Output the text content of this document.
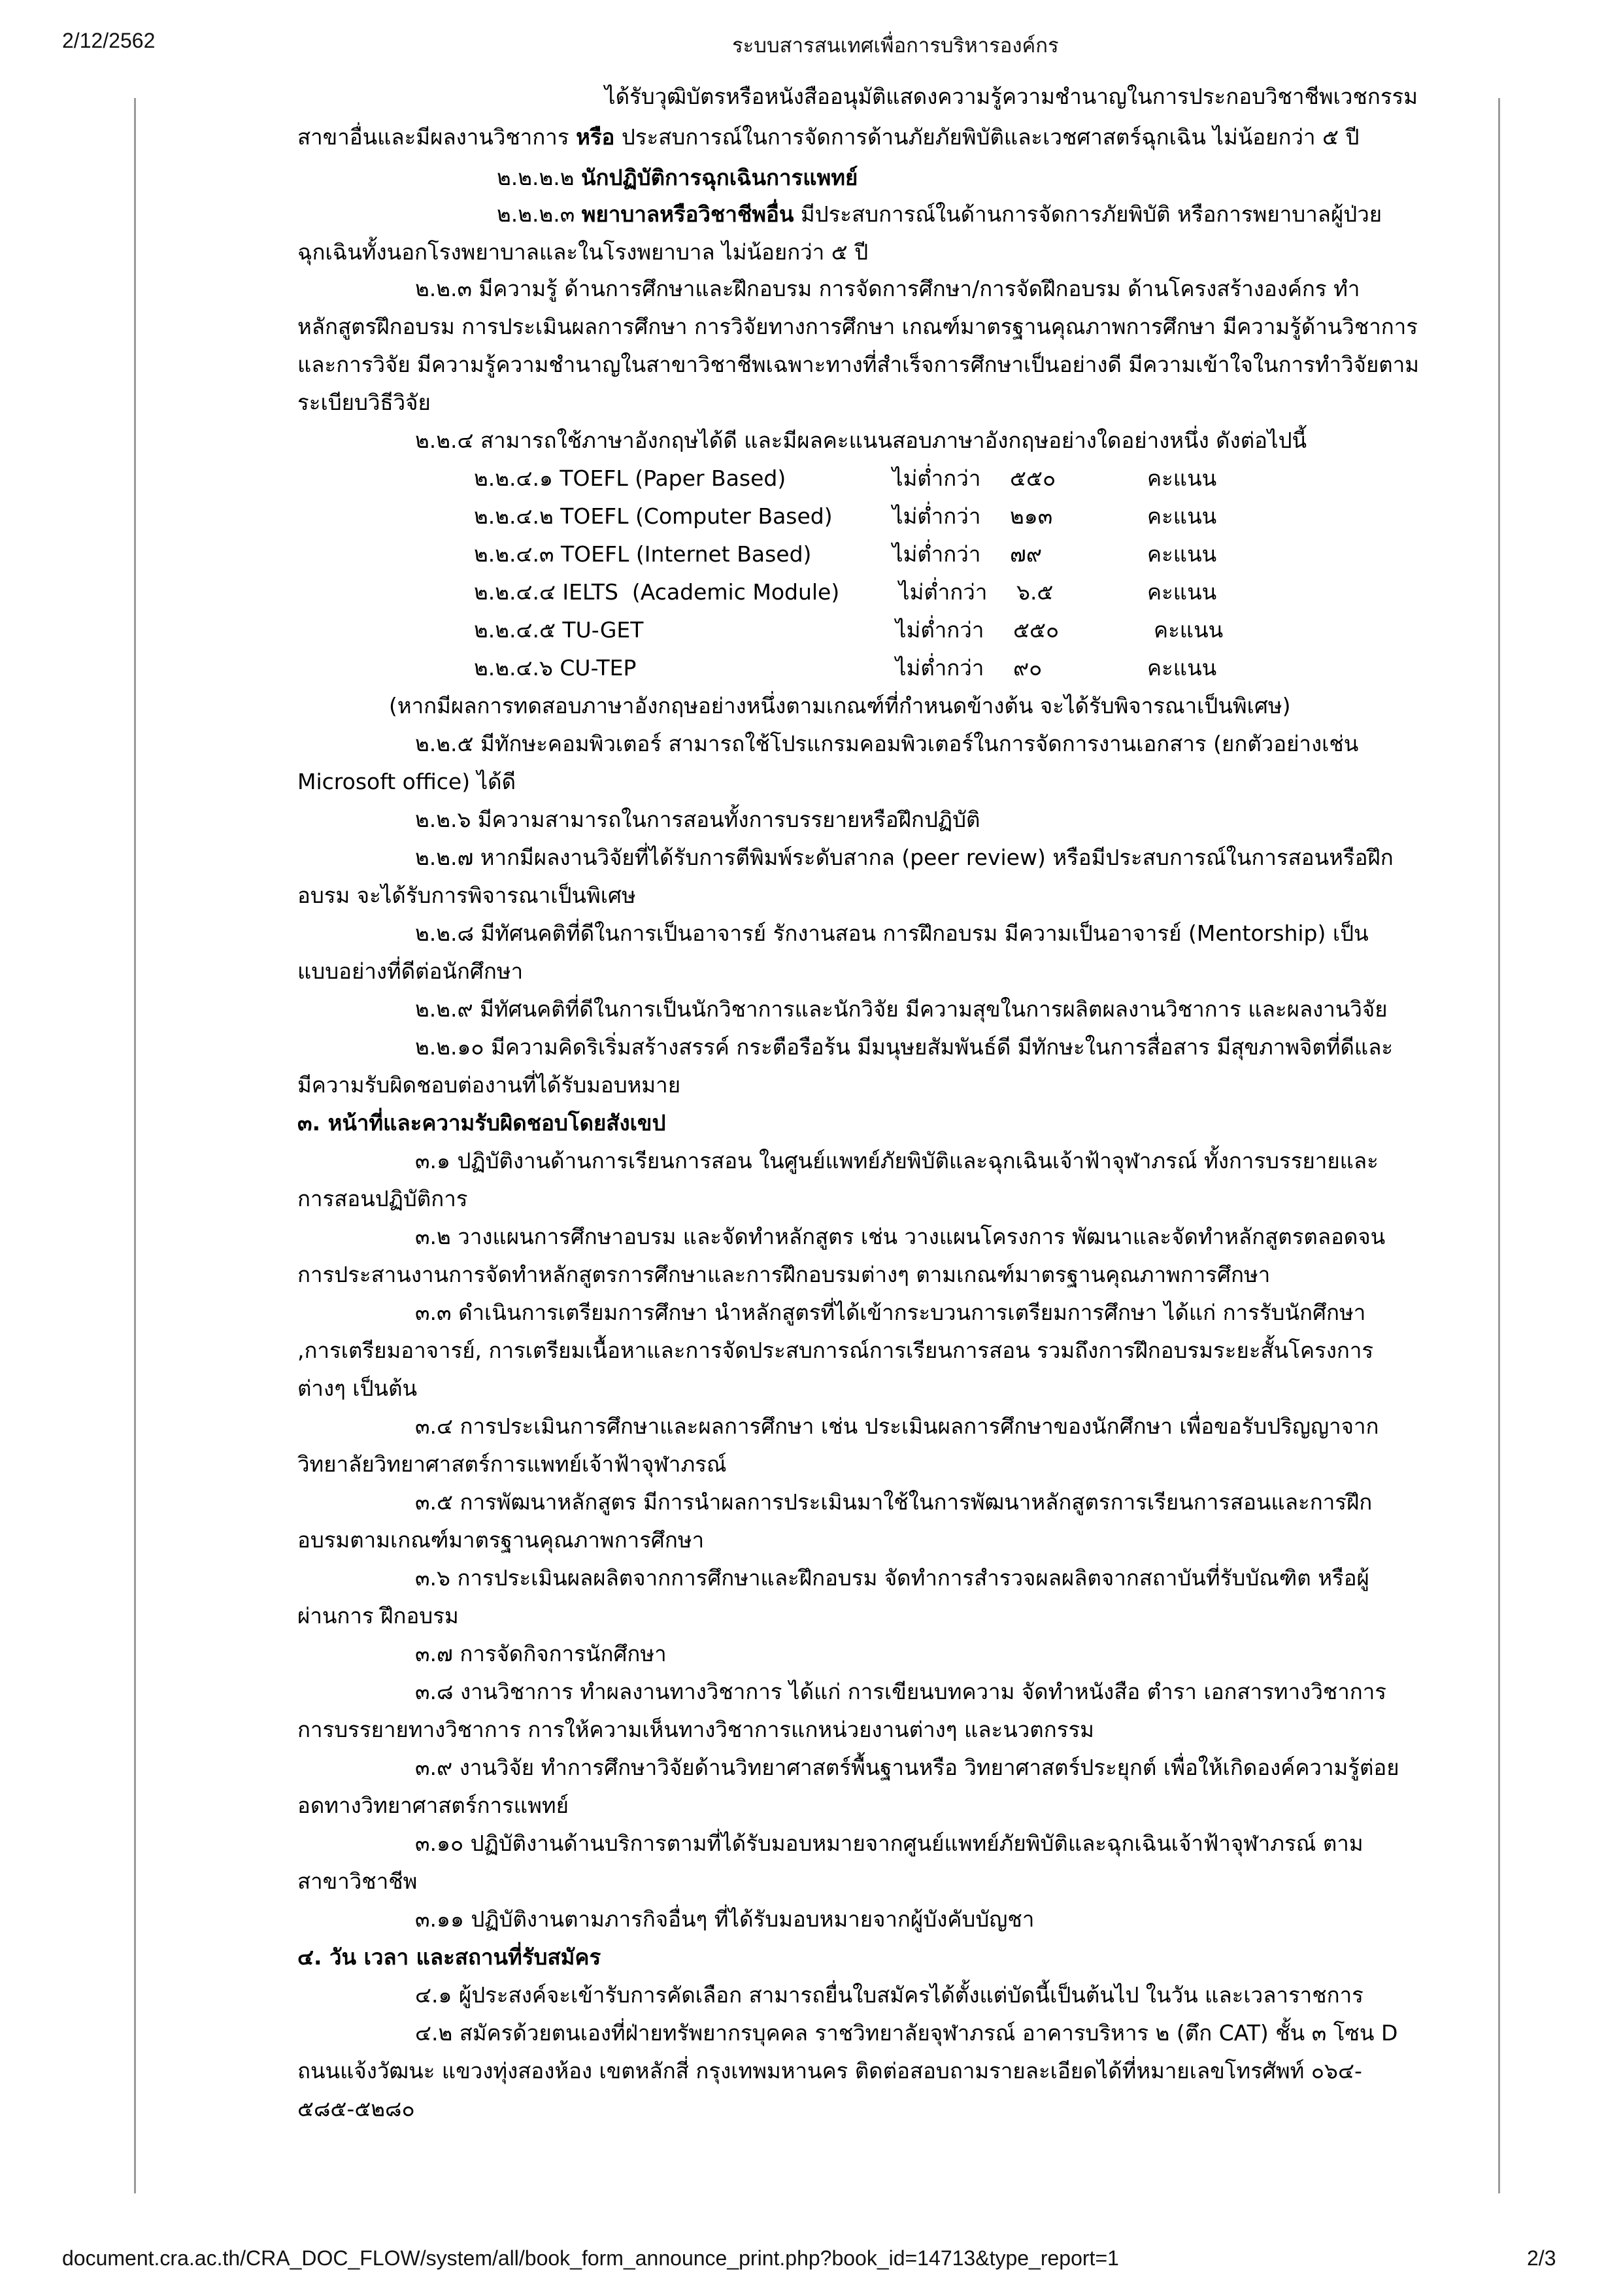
2/12/2562	ระบบสารสนเทศเพื่อการบริหารองค์กร
ได้รับวุฒิบัตรหรือหนังสืออนุมัติแสดงความรู้ความชำนาญในการประกอบวิชาชีพเวชกรรม
สาขาอื่นและมีผลงานวิชาการ หรือ ประสบการณ์ในการจัดการด้านภัยภัยพิบัติและเวชศาสตร์ฉุกเฉิน ไม่น้อยกว่า ๕ ปี
๒.๒.๒.๒ นักปฏิบัติการฉุกเฉินการแพทย์
๒.๒.๒.๓ พยาบาลหรือวิชาชีพอื่น มีประสบการณ์ในด้านการจัดการภัยพิบัติ หรือการพยาบาลผู้ป่วย
ฉุกเฉินทั้งนอกโรงพยาบาลและในโรงพยาบาล ไม่น้อยกว่า ๕ ปี
๒.๒.๓ มีความรู้ ด้านการศึกษาและฝึกอบรม การจัดการศึกษา/การจัดฝึกอบรม ด้านโครงสร้างองค์กร ทำ
หลักสูตรฝึกอบรม การประเมินผลการศึกษา การวิจัยทางการศึกษา เกณฑ์มาตรฐานคุณภาพการศึกษา มีความรู้ด้านวิชาการ
และการวิจัย มีความรู้ความชำนาญในสาขาวิชาชีพเฉพาะทางที่สำเร็จการศึกษาเป็นอย่างดี มีความเข้าใจในการทำวิจัยตาม
ระเบียบวิธีวิจัย
๒.๒.๔ สามารถใช้ภาษาอังกฤษได้ดี และมีผลคะแนนสอบภาษาอังกฤษอย่างใดอย่างหนึ่ง ดังต่อไปนี้
๒.๒.๔.๑ TOEFL (Paper Based)	ไม่ต่ำกว่า ๕๕๐	คะแนน
๒.๒.๔.๒ TOEFL (Computer Based)	ไม่ต่ำกว่า ๒๑๓	คะแนน
๒.๒.๔.๓ TOEFL (Internet Based)	ไม่ต่ำกว่า ๗๙	คะแนน
๒.๒.๔.๔ IELTS  (Academic Module)	ไม่ต่ำกว่า ๖.๕	คะแนน
๒.๒.๔.๕ TU-GET	ไม่ต่ำกว่า ๕๕๐	คะแนน
๒.๒.๔.๖ CU-TEP	ไม่ต่ำกว่า ๙๐	คะแนน
(หากมีผลการทดสอบภาษาอังกฤษอย่างหนึ่งตามเกณฑ์ที่กำหนดข้างต้น จะได้รับพิจารณาเป็นพิเศษ)
๒.๒.๕ มีทักษะคอมพิวเตอร์ สามารถใช้โปรแกรมคอมพิวเตอร์ในการจัดการงานเอกสาร (ยกตัวอย่างเช่น
Microsoft office) ได้ดี
๒.๒.๖ มีความสามารถในการสอนทั้งการบรรยายหรือฝึกปฏิบัติ
๒.๒.๗ หากมีผลงานวิจัยที่ได้รับการตีพิมพ์ระดับสากล (peer review) หรือมีประสบการณ์ในการสอนหรือฝึก
อบรม จะได้รับการพิจารณาเป็นพิเศษ
๒.๒.๘ มีทัศนคติที่ดีในการเป็นอาจารย์ รักงานสอน การฝึกอบรม มีความเป็นอาจารย์ (Mentorship) เป็น
แบบอย่างที่ดีต่อนักศึกษา
๒.๒.๙ มีทัศนคติที่ดีในการเป็นนักวิชาการและนักวิจัย มีความสุขในการผลิตผลงานวิชาการ และผลงานวิจัย
๒.๒.๑๐ มีความคิดริเริ่มสร้างสรรค์ กระตือรือร้น มีมนุษยสัมพันธ์ดี มีทักษะในการสื่อสาร มีสุขภาพจิตที่ดีและ
มีความรับผิดชอบต่องานที่ได้รับมอบหมาย
๓. หน้าที่และความรับผิดชอบโดยสังเขป
๓.๑ ปฏิบัติงานด้านการเรียนการสอน ในศูนย์แพทย์ภัยพิบัติและฉุกเฉินเจ้าฟ้าจุฬาภรณ์ ทั้งการบรรยายและ
การสอนปฏิบัติการ
๓.๒ วางแผนการศึกษาอบรม และจัดทำหลักสูตร เช่น วางแผนโครงการ พัฒนาและจัดทำหลักสูตรตลอดจน
การประสานงานการจัดทำหลักสูตรการศึกษาและการฝึกอบรมต่างๆ ตามเกณฑ์มาตรฐานคุณภาพการศึกษา
๓.๓ ดำเนินการเตรียมการศึกษา นำหลักสูตรที่ได้เข้ากระบวนการเตรียมการศึกษา ได้แก่ การรับนักศึกษา
,การเตรียมอาจารย์, การเตรียมเนื้อหาและการจัดประสบการณ์การเรียนการสอน รวมถึงการฝึกอบรมระยะสั้นโครงการ
ต่างๆ เป็นต้น
๓.๔ การประเมินการศึกษาและผลการศึกษา เช่น ประเมินผลการศึกษาของนักศึกษา เพื่อขอรับปริญญาจาก
วิทยาลัยวิทยาศาสตร์การแพทย์เจ้าฟ้าจุฬาภรณ์
๓.๕ การพัฒนาหลักสูตร มีการนำผลการประเมินมาใช้ในการพัฒนาหลักสูตรการเรียนการสอนและการฝึก
อบรมตามเกณฑ์มาตรฐานคุณภาพการศึกษา
๓.๖ การประเมินผลผลิตจากการศึกษาและฝึกอบรม จัดทำการสำรวจผลผลิตจากสถาบันที่รับบัณฑิต หรือผู้
ผ่านการ ฝึกอบรม
๓.๗ การจัดกิจการนักศึกษา
๓.๘ งานวิชาการ ทำผลงานทางวิชาการ ได้แก่ การเขียนบทความ จัดทำหนังสือ ตำรา เอกสารทางวิชาการ
การบรรยายทางวิชาการ การให้ความเห็นทางวิชาการแกหน่วยงานต่างๆ และนวตกรรม
๓.๙ งานวิจัย ทำการศึกษาวิจัยด้านวิทยาศาสตร์พื้นฐานหรือ วิทยาศาสตร์ประยุกต์ เพื่อให้เกิดองค์ความรู้ต่อย
อดทางวิทยาศาสตร์การแพทย์
๓.๑๐ ปฏิบัติงานด้านบริการตามที่ได้รับมอบหมายจากศูนย์แพทย์ภัยพิบัติและฉุกเฉินเจ้าฟ้าจุฬาภรณ์ ตาม
สาขาวิชาชีพ
๓.๑๑ ปฏิบัติงานตามภารกิจอื่นๆ ที่ได้รับมอบหมายจากผู้บังคับบัญชา
๔. วัน เวลา และสถานที่รับสมัคร
๔.๑ ผู้ประสงค์จะเข้ารับการคัดเลือก สามารถยื่นใบสมัครได้ตั้งแต่บัดนี้เป็นต้นไป ในวัน และเวลาราชการ
๔.๒ สมัครด้วยตนเองที่ฝ่ายทรัพยากรบุคคล ราชวิทยาลัยจุฬาภรณ์ อาคารบริหาร ๒ (ตึก CAT) ชั้น ๓ โซน D
ถนนแจ้งวัฒนะ แขวงทุ่งสองห้อง เขตหลักสี่ กรุงเทพมหานคร ติดต่อสอบถามรายละเอียดได้ที่หมายเลขโทรศัพท์ ๐๖๔-
๕๘๕-๕๒๘๐
document.cra.ac.th/CRA_DOC_FLOW/system/all/book_form_announce_print.php?book_id=14713&type_report=1	2/3
